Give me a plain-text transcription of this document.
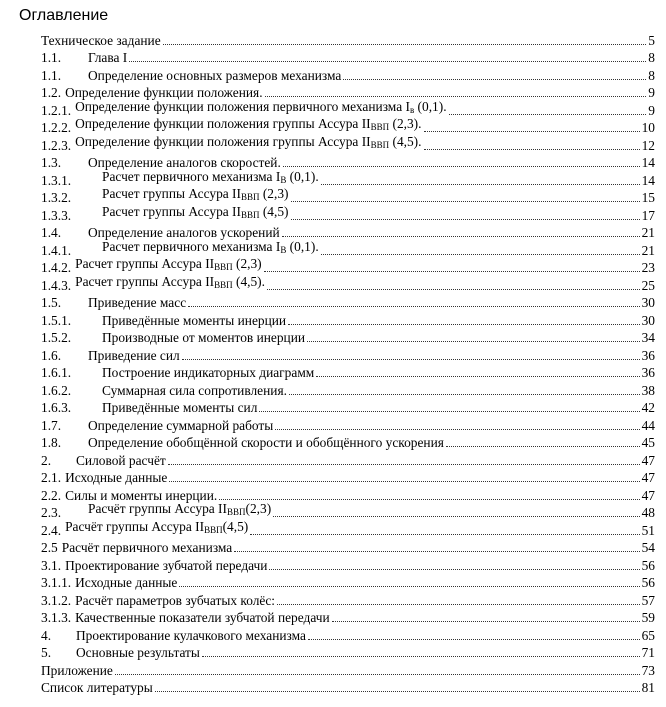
Оглавление
Техническое задание	5
1.1.	Глава I	8
1.1.	Определение основных размеров механизма	8
1.2. Определение функции положения.	9
1.2.1. Определение функции положения первичного механизма $I_в$ (0,1).	9
1.2.2. Определение функции положения группы Ассура $II_{ВВП}$ (2,3).	10
1.2.3. Определение функции положения группы Ассура $II_{ВВП}$ (4,5).	12
1.3.	Определение аналогов скоростей.	14
1.3.1.	Расчет первичного механизма $I_В$ (0,1).	14
1.3.2.	Расчет группы Ассура $II_{ВВП}$ (2,3)	15
1.3.3.	Расчет группы Ассура $II_{ВВП}$ (4,5)	17
1.4.	Определение аналогов ускорений	21
1.4.1.	Расчет первичного механизма $I_В$ (0,1).	21
1.4.2. Расчет группы Ассура $II_{ВВП}$ (2,3)	23
1.4.3. Расчет группы Ассура $II_{ВВП}$ (4,5).	25
1.5.	Приведение масс	30
1.5.1.	Приведённые моменты инерции	30
1.5.2.	Производные от моментов инерции	34
1.6.	Приведение сил	36
1.6.1.	Построение индикаторных диаграмм	36
1.6.2.	Суммарная сила сопротивления.	38
1.6.3.	Приведённые моменты сил	42
1.7.	Определение суммарной работы	44
1.8.	Определение обобщённой скорости и обобщённого ускорения	45
2.	Силовой расчёт	47
2.1. Исходные данные	47
2.2. Силы и моменты инерции.	47
2.3.	Расчёт группы Ассура $II_{ВВП}(2,3)$	48
2.4. Расчёт группы Ассура $II_{ВВП}(4,5)$	51
2.5 Расчёт первичного механизма	54
3.1. Проектирование зубчатой передачи	56
3.1.1. Исходные данные	56
3.1.2. Расчёт параметров зубчатых колёс:	57
3.1.3. Качественные показатели зубчатой передачи	59
4.	Проектирование кулачкового механизма	65
5.	Основные результаты	71
Приложение	73
Список литературы	81
